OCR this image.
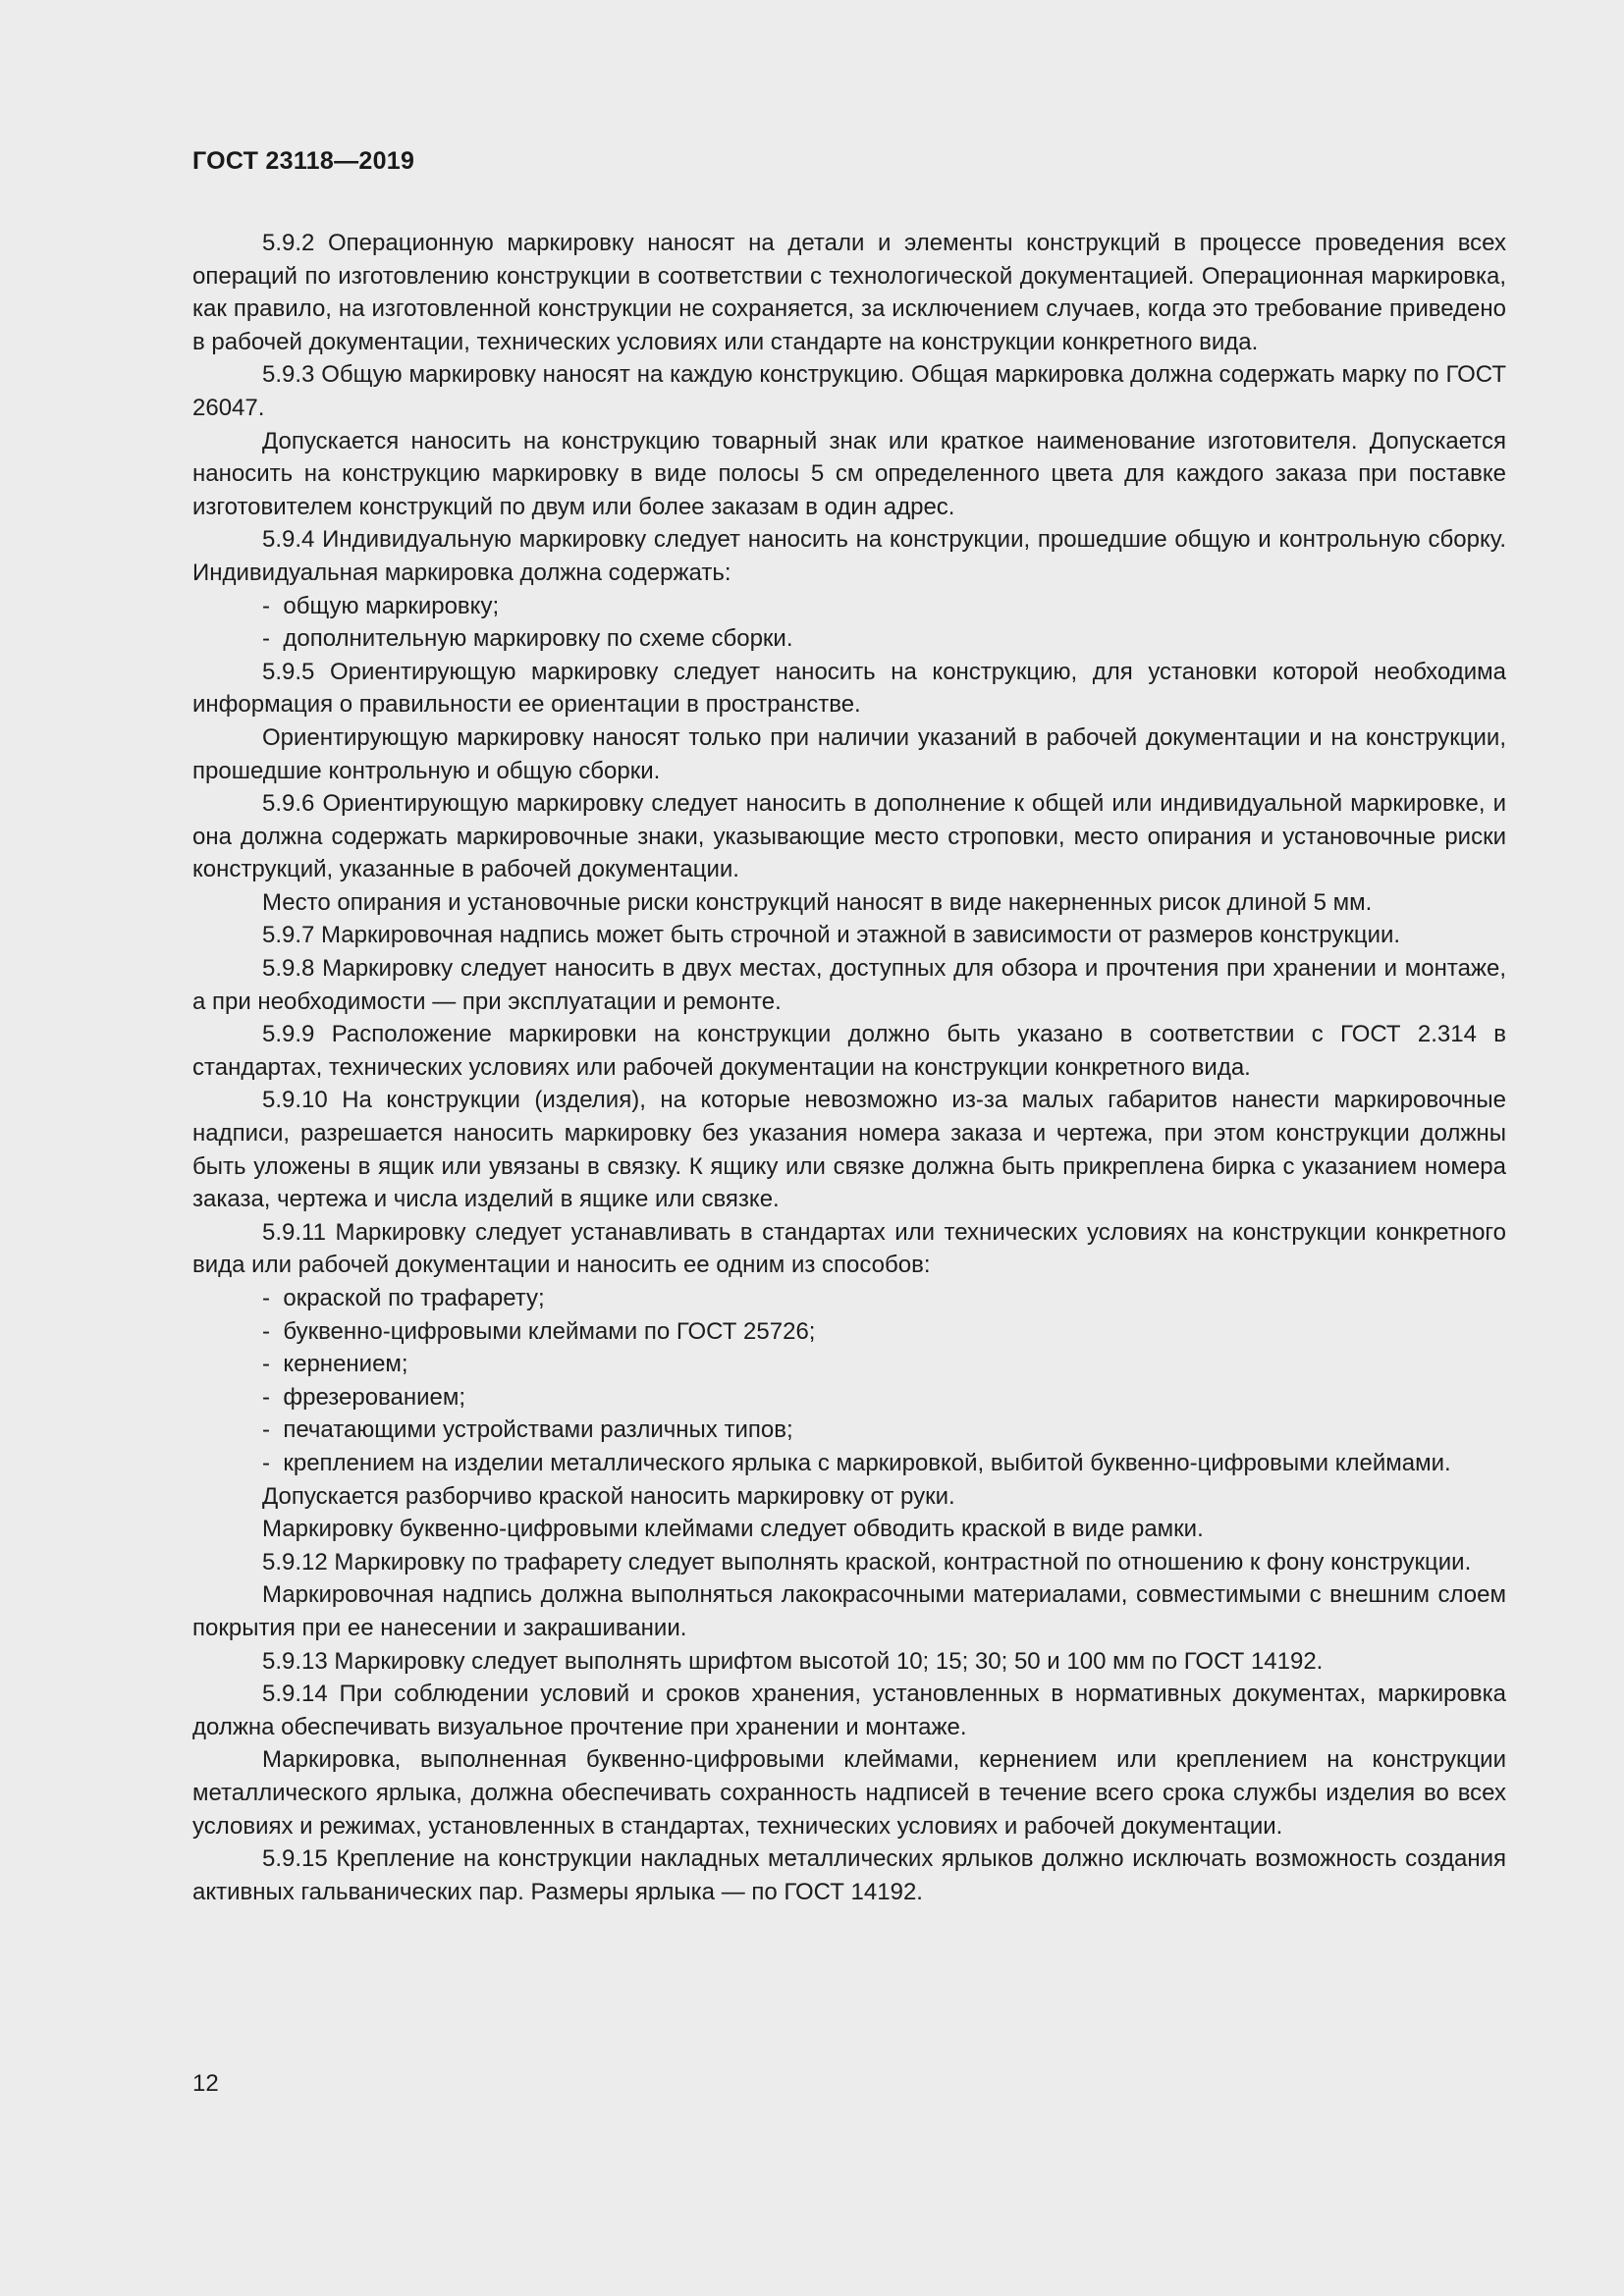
ГОСТ 23118—2019

5.9.2 Операционную маркировку наносят на детали и элементы конструкций в процессе проведения всех операций по изготовлению конструкции в соответствии с технологической документацией. Операционная маркировка, как правило, на изготовленной конструкции не сохраняется, за исключением случаев, когда это требование приведено в рабочей документации, технических условиях или стандарте на конструкции конкретного вида.

5.9.3 Общую маркировку наносят на каждую конструкцию. Общая маркировка должна содержать марку по ГОСТ 26047.

Допускается наносить на конструкцию товарный знак или краткое наименование изготовителя. Допускается наносить на конструкцию маркировку в виде полосы 5 см определенного цвета для каждого заказа при поставке изготовителем конструкций по двум или более заказам в один адрес.

5.9.4 Индивидуальную маркировку следует наносить на конструкции, прошедшие общую и контрольную сборку. Индивидуальная маркировка должна содержать:

- общую маркировку;

- дополнительную маркировку по схеме сборки.

5.9.5 Ориентирующую маркировку следует наносить на конструкцию, для установки которой необходима информация о правильности ее ориентации в пространстве.

Ориентирующую маркировку наносят только при наличии указаний в рабочей документации и на конструкции, прошедшие контрольную и общую сборки.

5.9.6 Ориентирующую маркировку следует наносить в дополнение к общей или индивидуальной маркировке, и она должна содержать маркировочные знаки, указывающие место строповки, место опирания и установочные риски конструкций, указанные в рабочей документации.

Место опирания и установочные риски конструкций наносят в виде накерненных рисок длиной 5 мм.

5.9.7 Маркировочная надпись может быть строчной и этажной в зависимости от размеров конструкции.

5.9.8 Маркировку следует наносить в двух местах, доступных для обзора и прочтения при хранении и монтаже, а при необходимости — при эксплуатации и ремонте.

5.9.9 Расположение маркировки на конструкции должно быть указано в соответствии с ГОСТ 2.314 в стандартах, технических условиях или рабочей документации на конструкции конкретного вида.

5.9.10 На конструкции (изделия), на которые невозможно из-за малых габаритов нанести маркировочные надписи, разрешается наносить маркировку без указания номера заказа и чертежа, при этом конструкции должны быть уложены в ящик или увязаны в связку. К ящику или связке должна быть прикреплена бирка с указанием номера заказа, чертежа и числа изделий в ящике или связке.

5.9.11 Маркировку следует устанавливать в стандартах или технических условиях на конструкции конкретного вида или рабочей документации и наносить ее одним из способов:

- окраской по трафарету;

- буквенно-цифровыми клеймами по ГОСТ 25726;

- кернением;

- фрезерованием;

- печатающими устройствами различных типов;

- креплением на изделии металлического ярлыка с маркировкой, выбитой буквенно-цифровыми клеймами.

Допускается разборчиво краской наносить маркировку от руки.

Маркировку буквенно-цифровыми клеймами следует обводить краской в виде рамки.

5.9.12 Маркировку по трафарету следует выполнять краской, контрастной по отношению к фону конструкции.

Маркировочная надпись должна выполняться лакокрасочными материалами, совместимыми с внешним слоем покрытия при ее нанесении и закрашивании.

5.9.13 Маркировку следует выполнять шрифтом высотой 10; 15; 30; 50 и 100 мм по ГОСТ 14192.

5.9.14 При соблюдении условий и сроков хранения, установленных в нормативных документах, маркировка должна обеспечивать визуальное прочтение при хранении и монтаже.

Маркировка, выполненная буквенно-цифровыми клеймами, кернением или креплением на конструкции металлического ярлыка, должна обеспечивать сохранность надписей в течение всего срока службы изделия во всех условиях и режимах, установленных в стандартах, технических условиях и рабочей документации.

5.9.15 Крепление на конструкции накладных металлических ярлыков должно исключать возможность создания активных гальванических пар. Размеры ярлыка — по ГОСТ 14192.

12
